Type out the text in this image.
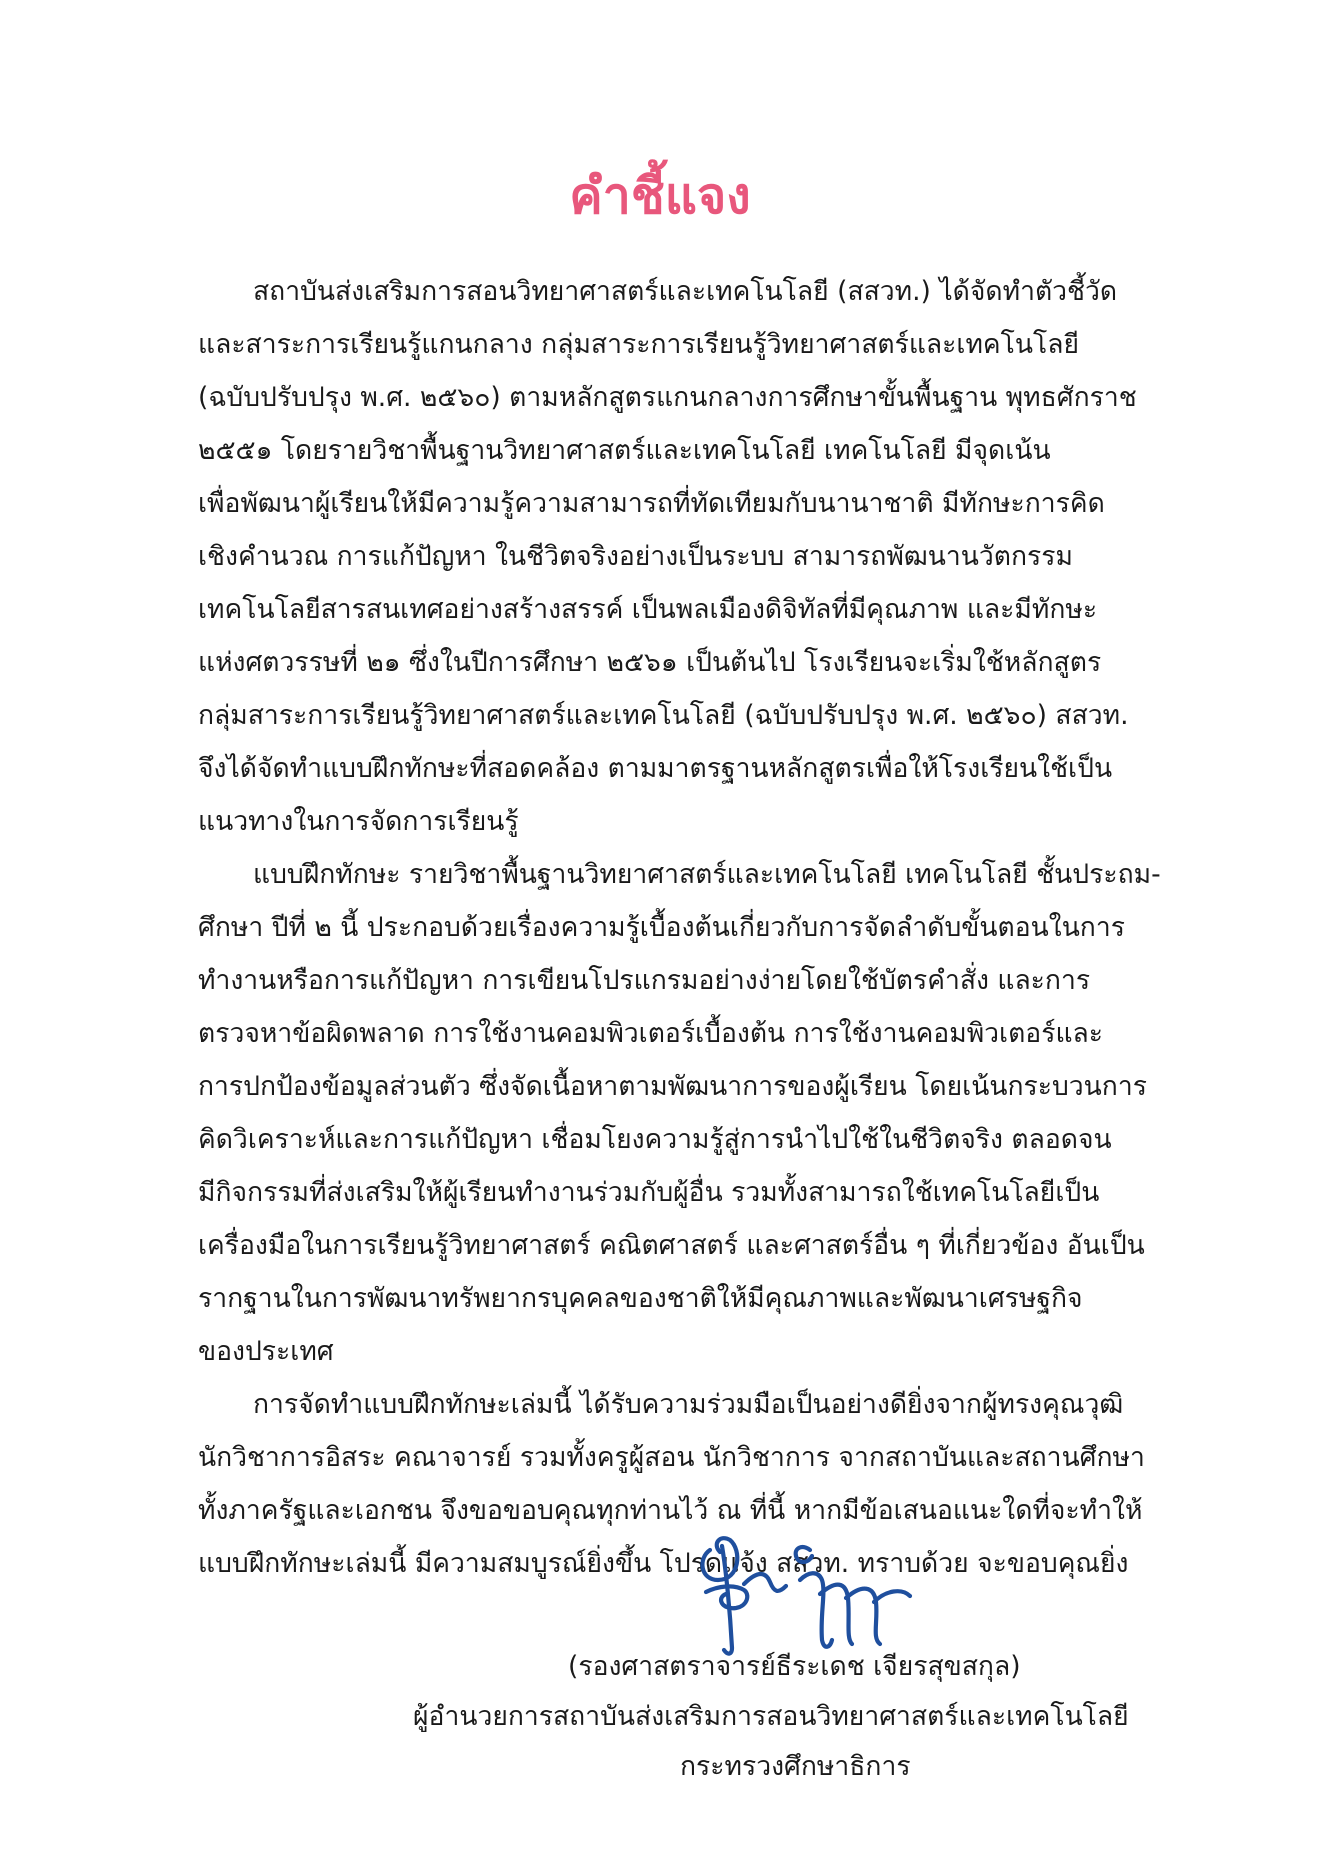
คำชี้แจง
สถาบันส่งเสริมการสอนวิทยาศาสตร์และเทคโนโลยี (สสวท.) ได้จัดทำตัวชี้วัด
และสาระการเรียนรู้แกนกลาง กลุ่มสาระการเรียนรู้วิทยาศาสตร์และเทคโนโลยี
(ฉบับปรับปรุง พ.ศ. ๒๕๖๐) ตามหลักสูตรแกนกลางการศึกษาขั้นพื้นฐาน พุทธศักราช
๒๕๕๑ โดยรายวิชาพื้นฐานวิทยาศาสตร์และเทคโนโลยี เทคโนโลยี มีจุดเน้น
เพื่อพัฒนาผู้เรียนให้มีความรู้ความสามารถที่ทัดเทียมกับนานาชาติ มีทักษะการคิด
เชิงคำนวณ การแก้ปัญหา ในชีวิตจริงอย่างเป็นระบบ สามารถพัฒนานวัตกรรม
เทคโนโลยีสารสนเทศอย่างสร้างสรรค์ เป็นพลเมืองดิจิทัลที่มีคุณภาพ และมีทักษะ
แห่งศตวรรษที่ ๒๑ ซึ่งในปีการศึกษา ๒๕๖๑ เป็นต้นไป โรงเรียนจะเริ่มใช้หลักสูตร
กลุ่มสาระการเรียนรู้วิทยาศาสตร์และเทคโนโลยี (ฉบับปรับปรุง พ.ศ. ๒๕๖๐) สสวท.
จึงได้จัดทำแบบฝึกทักษะที่สอดคล้อง ตามมาตรฐานหลักสูตรเพื่อให้โรงเรียนใช้เป็น
แนวทางในการจัดการเรียนรู้
แบบฝึกทักษะ รายวิชาพื้นฐานวิทยาศาสตร์และเทคโนโลยี เทคโนโลยี ชั้นประถม-
ศึกษา ปีที่ ๒ นี้ ประกอบด้วยเรื่องความรู้เบื้องต้นเกี่ยวกับการจัดลำดับขั้นตอนในการ
ทำงานหรือการแก้ปัญหา การเขียนโปรแกรมอย่างง่ายโดยใช้บัตรคำสั่ง และการ
ตรวจหาข้อผิดพลาด การใช้งานคอมพิวเตอร์เบื้องต้น การใช้งานคอมพิวเตอร์และ
การปกป้องข้อมูลส่วนตัว ซึ่งจัดเนื้อหาตามพัฒนาการของผู้เรียน โดยเน้นกระบวนการ
คิดวิเคราะห์และการแก้ปัญหา เชื่อมโยงความรู้สู่การนำไปใช้ในชีวิตจริง ตลอดจน
มีกิจกรรมที่ส่งเสริมให้ผู้เรียนทำงานร่วมกับผู้อื่น รวมทั้งสามารถใช้เทคโนโลยีเป็น
เครื่องมือในการเรียนรู้วิทยาศาสตร์ คณิตศาสตร์ และศาสตร์อื่น ๆ ที่เกี่ยวข้อง อันเป็น
รากฐานในการพัฒนาทรัพยากรบุคคลของชาติให้มีคุณภาพและพัฒนาเศรษฐกิจ
ของประเทศ
การจัดทำแบบฝึกทักษะเล่มนี้ ได้รับความร่วมมือเป็นอย่างดียิ่งจากผู้ทรงคุณวุฒิ
นักวิชาการอิสระ คณาจารย์ รวมทั้งครูผู้สอน นักวิชาการ จากสถาบันและสถานศึกษา
ทั้งภาครัฐและเอกชน จึงขอขอบคุณทุกท่านไว้ ณ ที่นี้ หากมีข้อเสนอแนะใดที่จะทำให้
แบบฝึกทักษะเล่มนี้ มีความสมบูรณ์ยิ่งขึ้น โปรดแจ้ง สสวท. ทราบด้วย จะขอบคุณยิ่ง
(รองศาสตราจารย์ธีระเดช เจียรสุขสกุล)
ผู้อำนวยการสถาบันส่งเสริมการสอนวิทยาศาสตร์และเทคโนโลยี
กระทรวงศึกษาธิการ
